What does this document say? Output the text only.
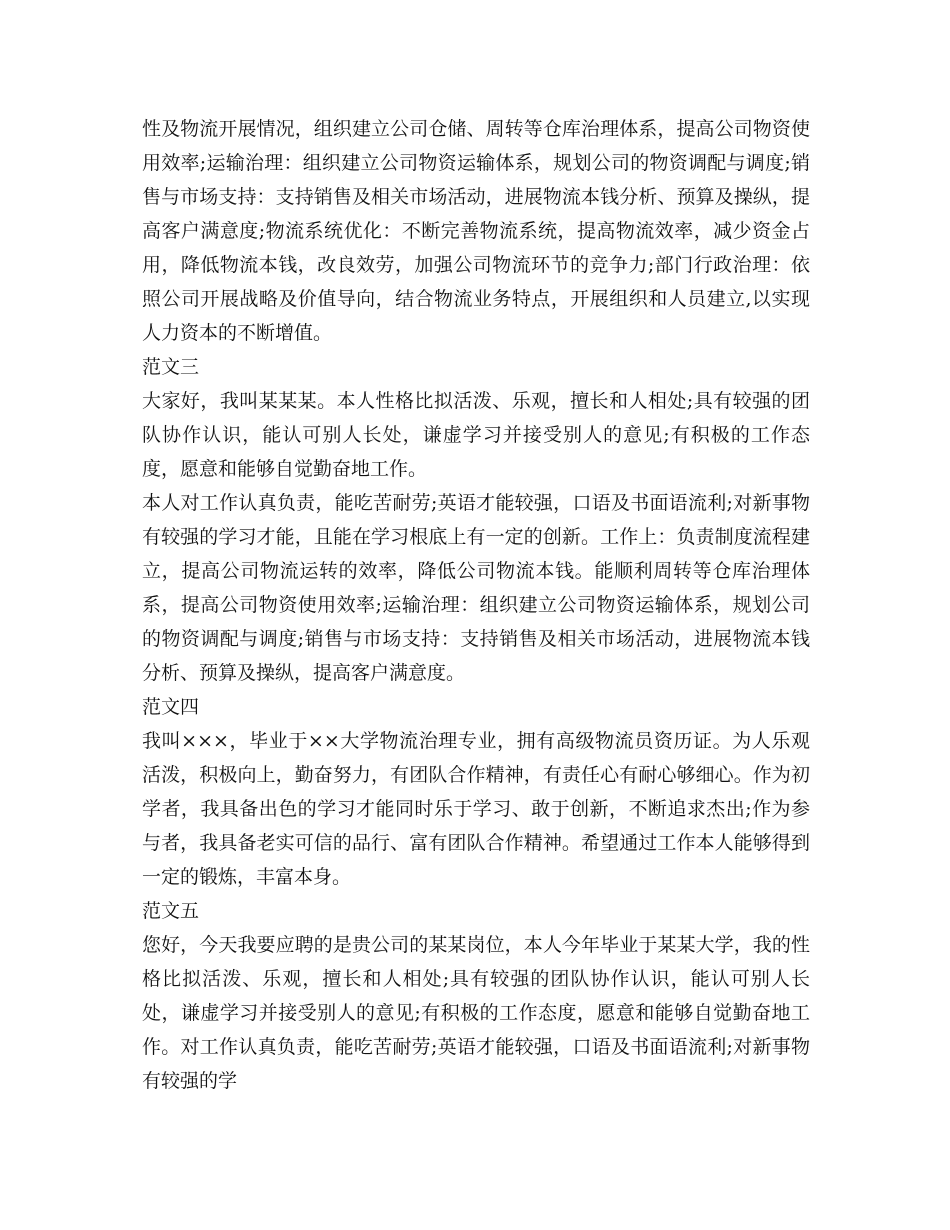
性及物流开展情况，组织建立公司仓储、周转等仓库治理体系，提高公司物资使用效率;运输治理：组织建立公司物资运输体系，规划公司的物资调配与调度;销售与市场支持：支持销售及相关市场活动，进展物流本钱分析、预算及操纵，提高客户满意度;物流系统优化：不断完善物流系统，提高物流效率，减少资金占用，降低物流本钱，改良效劳，加强公司物流环节的竞争力;部门行政治理：依照公司开展战略及价值导向，结合物流业务特点，开展组织和人员建立,以实现人力资本的不断增值。

范文三

大家好，我叫某某某。本人性格比拟活泼、乐观，擅长和人相处;具有较强的团队协作认识，能认可别人长处，谦虚学习并接受别人的意见;有积极的工作态度，愿意和能够自觉勤奋地工作。

本人对工作认真负责，能吃苦耐劳;英语才能较强，口语及书面语流利;对新事物有较强的学习才能，且能在学习根底上有一定的创新。工作上：负责制度流程建立，提高公司物流运转的效率，降低公司物流本钱。能顺利周转等仓库治理体系，提高公司物资使用效率;运输治理：组织建立公司物资运输体系，规划公司的物资调配与调度;销售与市场支持：支持销售及相关市场活动，进展物流本钱分析、预算及操纵，提高客户满意度。

范文四

我叫×××，毕业于××大学物流治理专业，拥有高级物流员资历证。为人乐观活泼，积极向上，勤奋努力，有团队合作精神，有责任心有耐心够细心。作为初学者，我具备出色的学习才能同时乐于学习、敢于创新，不断追求杰出;作为参与者，我具备老实可信的品行、富有团队合作精神。希望通过工作本人能够得到一定的锻炼，丰富本身。

范文五

您好，今天我要应聘的是贵公司的某某岗位，本人今年毕业于某某大学，我的性格比拟活泼、乐观，擅长和人相处;具有较强的团队协作认识，能认可别人长处，谦虚学习并接受别人的意见;有积极的工作态度，愿意和能够自觉勤奋地工作。对工作认真负责，能吃苦耐劳;英语才能较强，口语及书面语流利;对新事物有较强的学
